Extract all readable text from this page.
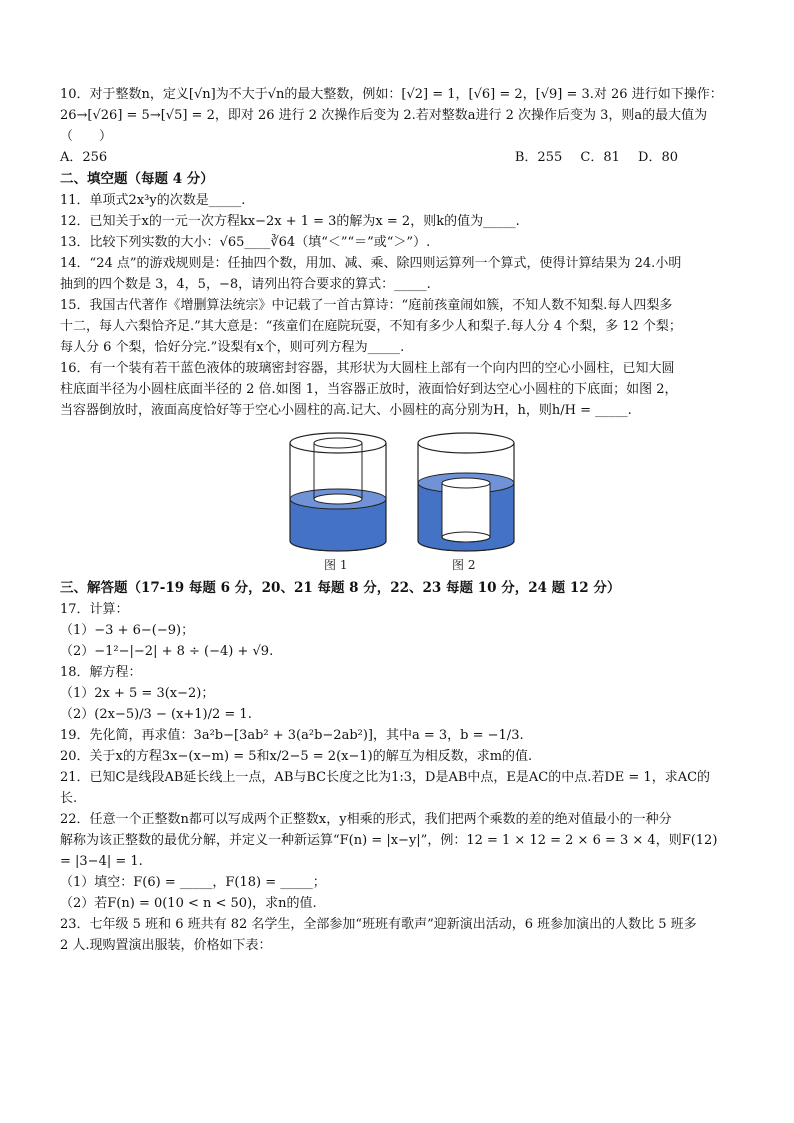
10．对于整数n，定义[√n]为不大于√n的最大整数，例如：[√2] = 1，[√6] = 2，[√9] = 3.对 26 进行如下操作：
26→[√26] = 5→[√5] = 2，即对 26 进行 2 次操作后变为 2.若对整数a进行 2 次操作后变为 3，则a的最大值为
（　　）
A．256	B．255 C．81 D．80
二、填空题（每题 4 分）
11．单项式2x³y的次数是_____.
12．已知关于x的一元一次方程kx−2x + 1 = 3的解为x = 2，则k的值为_____.
13．比较下列实数的大小：√65____∛64（填“＜”“＝”或“＞”）.
14．“24 点”的游戏规则是：任抽四个数，用加、减、乘、除四则运算列一个算式，使得计算结果为 24.小明
抽到的四个数是 3，4，5，−8，请列出符合要求的算式：_____.
15．我国古代著作《增删算法统宗》中记载了一首古算诗：“庭前孩童闹如簇，不知人数不知梨.每人四梨多
十二，每人六梨恰齐足.”其大意是：“孩童们在庭院玩耍，不知有多少人和梨子.每人分 4 个梨，多 12 个梨；
每人分 6 个梨，恰好分完.”设梨有x个，则可列方程为_____.
16．有一个装有若干蓝色液体的玻璃密封容器，其形状为大圆柱上部有一个向内凹的空心小圆柱，已知大圆
柱底面半径为小圆柱底面半径的 2 倍.如图 1，当容器正放时，液面恰好到达空心小圆柱的下底面；如图 2，
当容器倒放时，液面高度恰好等于空心小圆柱的高.记大、小圆柱的高分别为H，h，则h/H = _____.
图 1	图 2
三、解答题（17-19 每题 6 分，20、21 每题 8 分，22、23 每题 10 分，24 题 12 分）
17．计算：
（1）−3 + 6−(−9)；
（2）−1²−|−2| + 8 ÷ (−4) + √9.
18．解方程：
（1）2x + 5 = 3(x−2)；
（2）(2x−5)/3 − (x+1)/2 = 1.
19．先化简，再求值：3a²b−[3ab² + 3(a²b−2ab²)]，其中a = 3，b = −1/3.
20．关于x的方程3x−(x−m) = 5和x/2−5 = 2(x−1)的解互为相反数，求m的值.
21．已知C是线段AB延长线上一点，AB与BC长度之比为1:3，D是AB中点，E是AC的中点.若DE = 1，求AC的
长.
22．任意一个正整数n都可以写成两个正整数x，y相乘的形式，我们把两个乘数的差的绝对值最小的一种分
解称为该正整数的最优分解，并定义一种新运算“F(n) = |x−y|”，例：12 = 1 × 12 = 2 × 6 = 3 × 4，则F(12)
= |3−4| = 1.
（1）填空：F(6) = _____，F(18) = _____；
（2）若F(n) = 0(10 < n < 50)，求n的值.
23．七年级 5 班和 6 班共有 82 名学生，全部参加“班班有歌声”迎新演出活动，6 班参加演出的人数比 5 班多
2 人.现购置演出服装，价格如下表：
